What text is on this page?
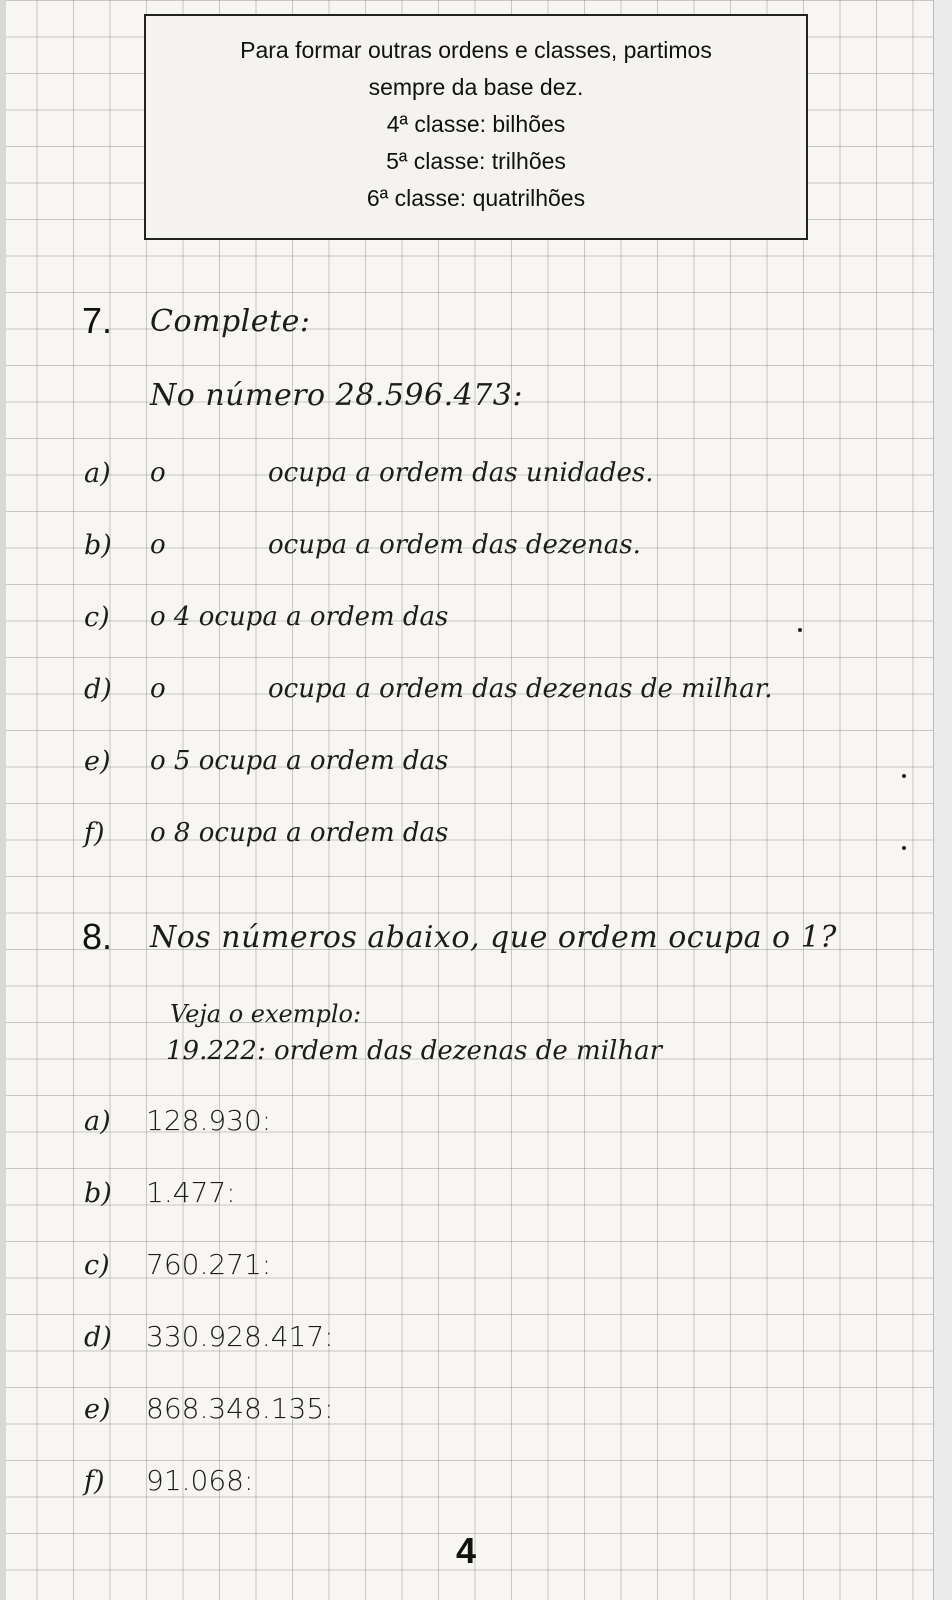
Para formar outras ordens e classes, partimos
sempre da base dez.
4ª classe: bilhões
5ª classe: trilhões
6ª classe: quatrilhões
7. Complete:
No número 28.596.473:
a) o	ocupa a ordem das unidades.
b) o	ocupa a ordem das dezenas.
c) o 4 ocupa a ordem das
d) o	ocupa a ordem das dezenas de milhar.
e) o 5 ocupa a ordem das
f) o 8 ocupa a ordem das
8. Nos números abaixo, que ordem ocupa o 1?
Veja o exemplo:
19.222: ordem das dezenas de milhar
a) 128.930:
b) 1.477:
c) 760.271:
d) 330.928.417:
e) 868.348.135:
f) 91.068:
4
